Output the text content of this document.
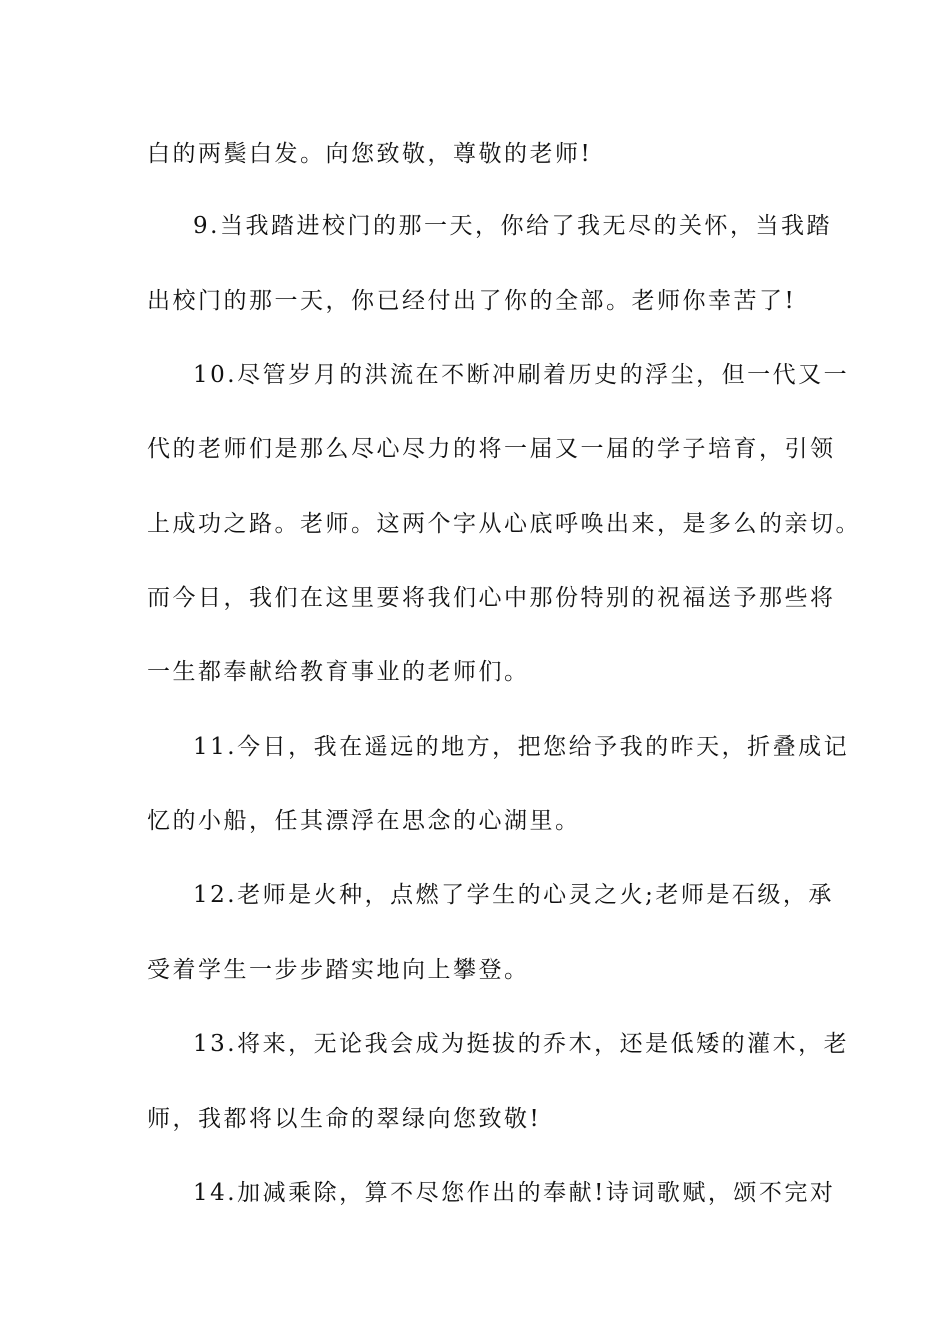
白的两鬓白发。向您致敬，尊敬的老师!
9.当我踏进校门的那一天，你给了我无尽的关怀，当我踏
出校门的那一天，你已经付出了你的全部。老师你幸苦了!
10.尽管岁月的洪流在不断冲刷着历史的浮尘，但一代又一
代的老师们是那么尽心尽力的将一届又一届的学子培育，引领
上成功之路。老师。这两个字从心底呼唤出来，是多么的亲切。
而今日，我们在这里要将我们心中那份特别的祝福送予那些将
一生都奉献给教育事业的老师们。
11.今日，我在遥远的地方，把您给予我的昨天，折叠成记
忆的小船，任其漂浮在思念的心湖里。
12.老师是火种，点燃了学生的心灵之火;老师是石级，承
受着学生一步步踏实地向上攀登。
13.将来，无论我会成为挺拔的乔木，还是低矮的灌木，老
师，我都将以生命的翠绿向您致敬!
14.加减乘除，算不尽您作出的奉献!诗词歌赋，颂不完对
